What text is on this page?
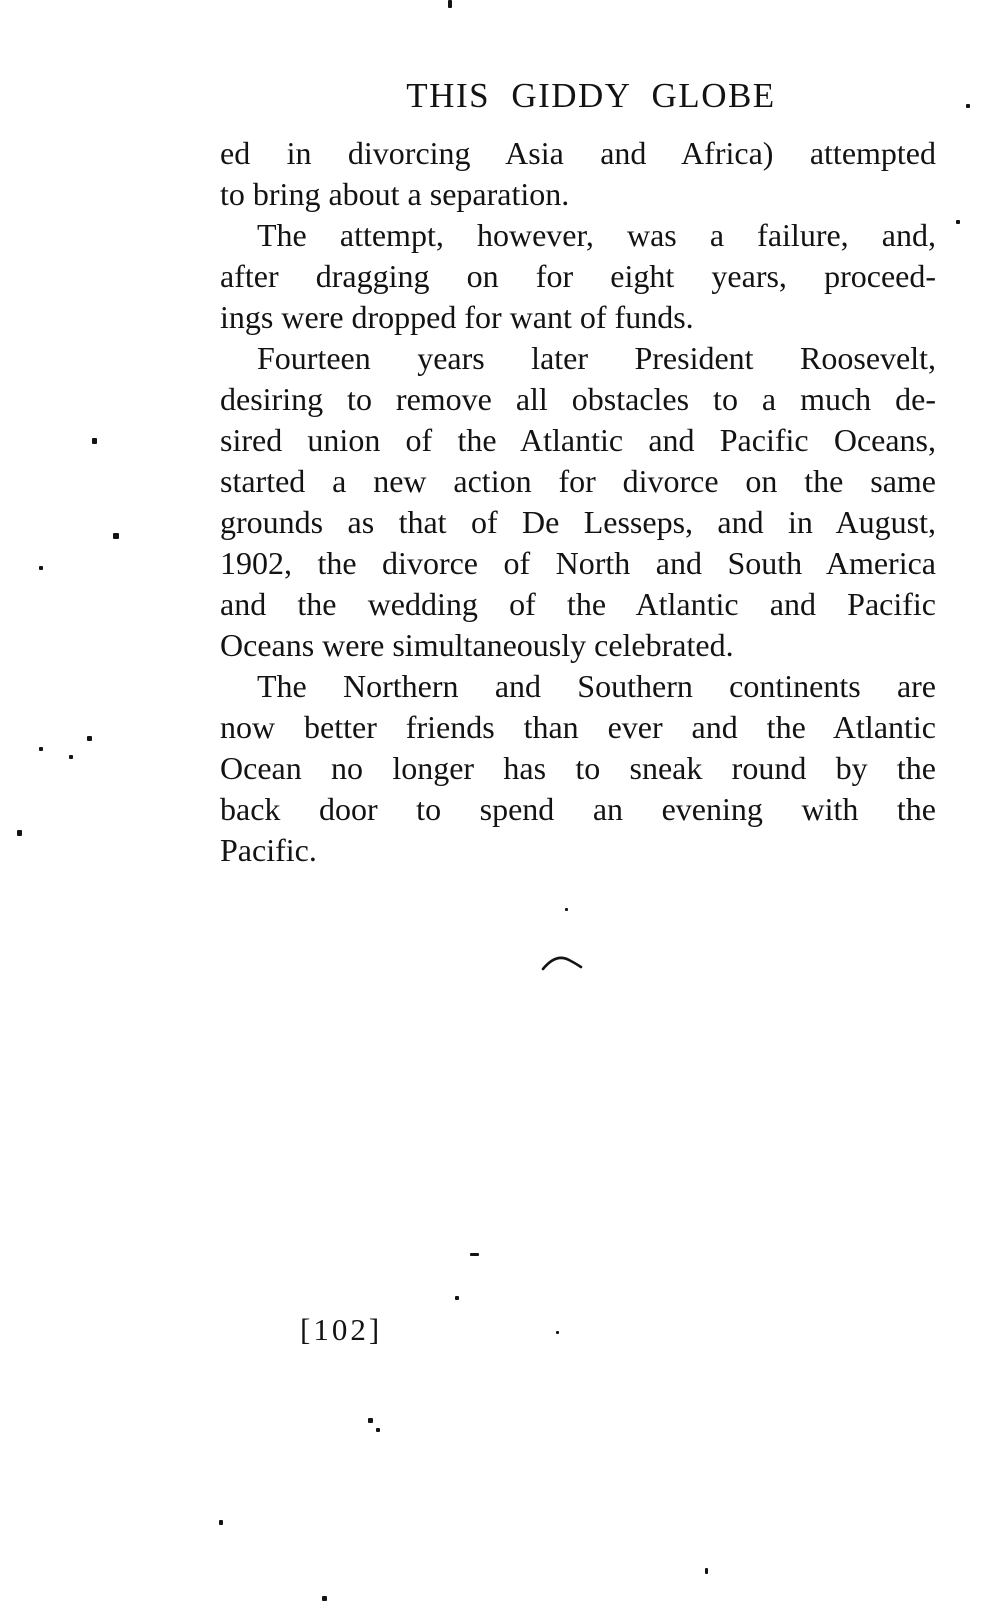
THIS GIDDY GLOBE
ed in divorcing Asia and Africa) attempted
to bring about a separation.
The attempt, however, was a failure, and,
after dragging on for eight years, proceed-
ings were dropped for want of funds.
Fourteen years later President Roosevelt,
desiring to remove all obstacles to a much de-
sired union of the Atlantic and Pacific Oceans,
started a new action for divorce on the same
grounds as that of De Lesseps, and in August,
1902, the divorce of North and South America
and the wedding of the Atlantic and Pacific
Oceans were simultaneously celebrated.
The Northern and Southern continents are
now better friends than ever and the Atlantic
Ocean no longer has to sneak round by the
back door to spend an evening with the
Pacific.
[102]
